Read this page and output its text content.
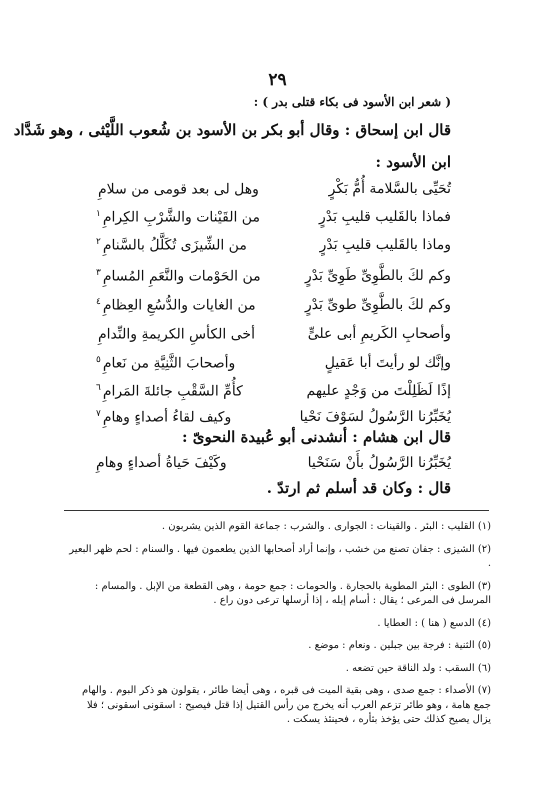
٢٩
( شعر ابن الأسود فى بكاء قتلى بدر ) :
قال ابن إسحاق : وقال أبو بكر بن الأسود بن شُعوب اللَّيْثى ، وهو شَدَّاد
ابن الأسود :
تُحَيِّى بالسَّلامة أُمُّ بَكْرٍ
وهل لى بعد قومى من سلامِ
فماذا بالقَليب قليبِ بَدْرٍ
من القَيْنات والشَّرْبِ الكِرامِ$^١$
وماذا بالقَليب قليبِ بَدْرٍ
من الشِّيزَى تُكَلَّلُ بالسَّنامِ$^٢$
وكم لكَ بالطَّوِىِّ طَوِىِّ بَدْرٍ
من الحَوْمات والنَّعَمِ المُسامِ$^٣$
وكم لكَ بالطَّوِىِّ طوىِّ بَدْرٍ
من الغايات والدُّسُعِ العِظامِ$^٤$
وأصحابِ الكَريمِ أبى علىٍّ
أخى الكأسِ الكريمةِ والنِّدامِ
وإنَّك لو رأيتَ أبا عَقيلٍ
وأصحابَ الثَّنِيَّةِ من نَعامِ$^٥$
إذًا لَظَلِلْتَ من وَجْدٍ عليهم
كأُمِّ السَّقْبِ جائلةَ المَرامِ$^٦$
يُخَبِّرُنا الرَّسُولُ لسَوْفَ نَحْيا
وكيف لقاءُ أصداءٍ وهامِ$^٧$
قال ابن هشام : أنشدنى أبو عُبيدة النحوىّ :
يُخَبِّرُنا الرَّسُولُ بأَنْ سَنَحْيا
وكَيْفَ حَياةُ أصداءٍ وهامِ
قال : وكان قد أسلم ثم ارتدّ .
(١) القليب : البئر . والقينات : الجوارى . والشرب : جماعة القوم الذين يشربون .
(٢) الشيزى : جفان تصنع من خشب ، وإنما أراد أصحابها الذين يطعمون فيها . والسنام : لحم ظهر البعير .
(٣) الطوى : البئر المطوية بالحجارة . والحومات : جمع حومة ، وهى القطعة من الإبل . والمسام : المرسل فى المرعى ؛ يقال : أسام إبله ، إذا أرسلها ترعى دون راع .
(٤) الدسع ( هنا ) : العطايا .
(٥) الثنية : فرجة بين جبلين . ونعام : موضع .
(٦) السقب : ولد الناقة حين تضعه .
(٧) الأصداء : جمع صدى ، وهى بقية الميت فى قبره ، وهى أيضا طائر ، يقولون هو ذكر البوم . والهام جمع هامة ، وهو طائر تزعم العرب أنه يخرج من رأس القتيل إذا قتل فيصيح : اسقونى اسقونى ؛ فلا يزال يصيح كذلك حتى يؤخذ بثأره ، فحينئذ يسكت .
